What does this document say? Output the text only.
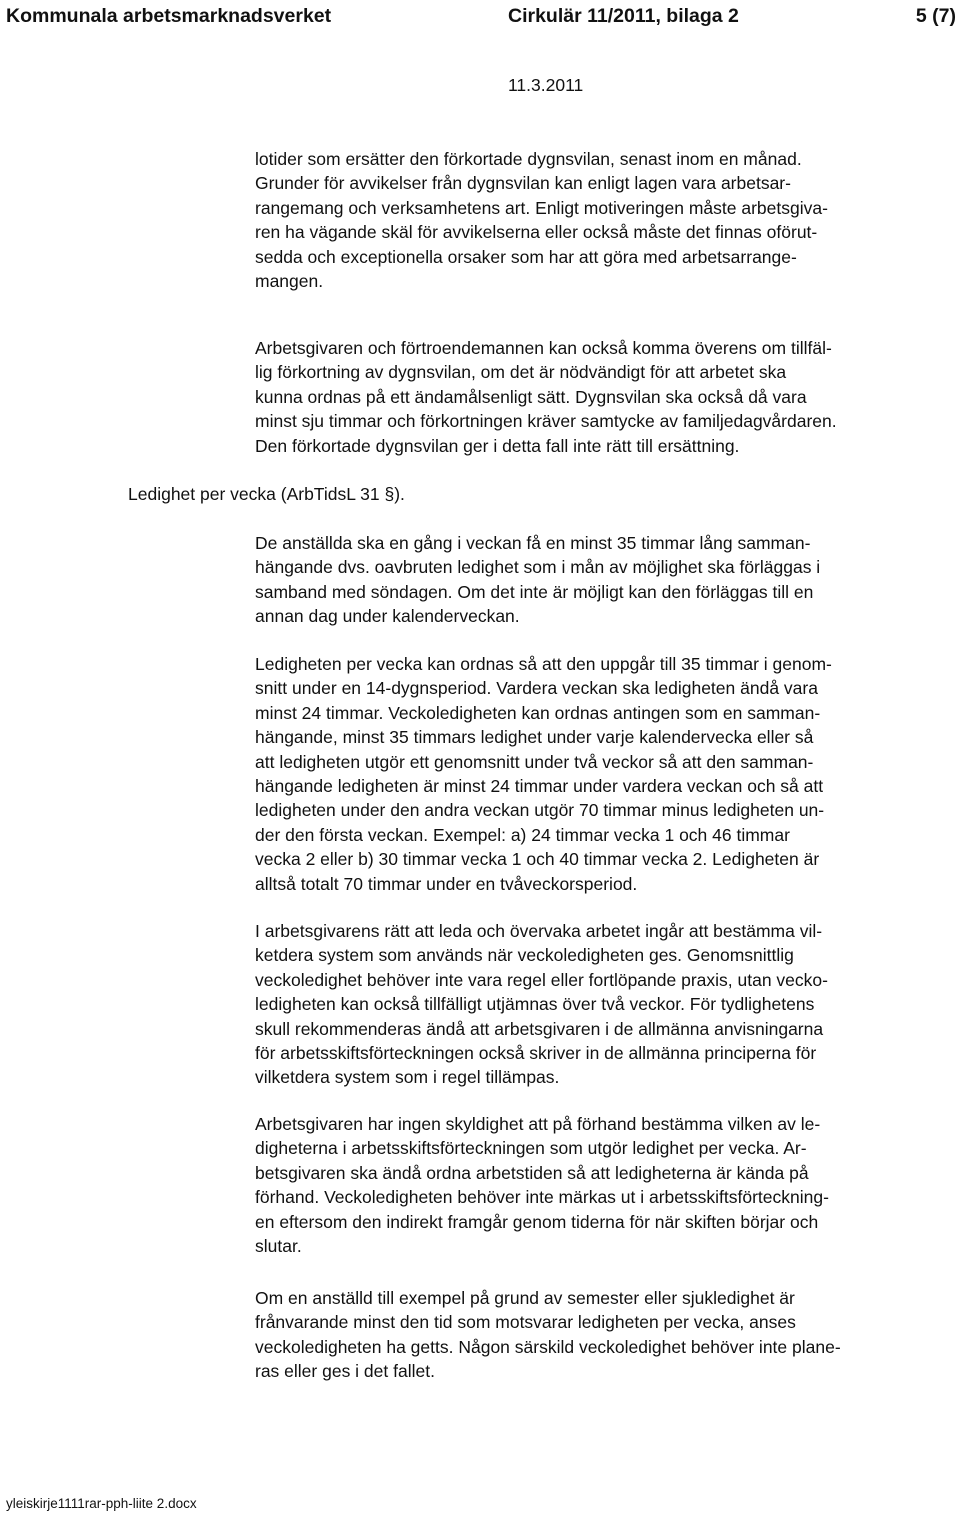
Kommunala arbetsmarknadsverket	Cirkulär 11/2011, bilaga 2	5 (7)
11.3.2011

lotider som ersätter den förkortade dygnsvilan, senast inom en månad.
Grunder för avvikelser från dygnsvilan kan enligt lagen vara arbetsar-
rangemang och verksamhetens art. Enligt motiveringen måste arbetsgiva-
ren ha vägande skäl för avvikelserna eller också måste det finnas oförut-
sedda och exceptionella orsaker som har att göra med arbetsarrange-
mangen.

Arbetsgivaren och förtroendemannen kan också komma överens om tillfäl-
lig förkortning av dygnsvilan, om det är nödvändigt för att arbetet ska
kunna ordnas på ett ändamålsenligt sätt. Dygnsvilan ska också då vara
minst sju timmar och förkortningen kräver samtycke av familjedagvårdaren.
Den förkortade dygnsvilan ger i detta fall inte rätt till ersättning.

Ledighet per vecka (ArbTidsL 31 §).

De anställda ska en gång i veckan få en minst 35 timmar lång samman-
hängande dvs. oavbruten ledighet som i mån av möjlighet ska förläggas i
samband med söndagen. Om det inte är möjligt kan den förläggas till en
annan dag under kalenderveckan.

Ledigheten per vecka kan ordnas så att den uppgår till 35 timmar i genom-
snitt under en 14-dygnsperiod. Vardera veckan ska ledigheten ändå vara
minst 24 timmar. Veckoledigheten kan ordnas antingen som en samman-
hängande, minst 35 timmars ledighet under varje kalendervecka eller så
att ledigheten utgör ett genomsnitt under två veckor så att den samman-
hängande ledigheten är minst 24 timmar under vardera veckan och så att
ledigheten under den andra veckan utgör 70 timmar minus ledigheten un-
der den första veckan. Exempel: a) 24 timmar vecka 1 och 46 timmar
vecka 2 eller b) 30 timmar vecka 1 och 40 timmar vecka 2. Ledigheten är
alltså totalt 70 timmar under en tvåveckorsperiod.

I arbetsgivarens rätt att leda och övervaka arbetet ingår att bestämma vil-
ketdera system som används när veckoledigheten ges. Genomsnittlig
veckoledighet behöver inte vara regel eller fortlöpande praxis, utan vecko-
ledigheten kan också tillfälligt utjämnas över två veckor. För tydlighetens
skull rekommenderas ändå att arbetsgivaren i de allmänna anvisningarna
för arbetsskiftsförteckningen också skriver in de allmänna principerna för
vilketdera system som i regel tillämpas.

Arbetsgivaren har ingen skyldighet att på förhand bestämma vilken av le-
digheterna i arbetsskiftsförteckningen som utgör ledighet per vecka. Ar-
betsgivaren ska ändå ordna arbetstiden så att ledigheterna är kända på
förhand. Veckoledigheten behöver inte märkas ut i arbetsskiftsförteckning-
en eftersom den indirekt framgår genom tiderna för när skiften börjar och
slutar.

Om en anställd till exempel på grund av semester eller sjukledighet är
frånvarande minst den tid som motsvarar ledigheten per vecka, anses
veckoledigheten ha getts. Någon särskild veckoledighet behöver inte plane-
ras eller ges i det fallet.

yleiskirje1111rar-pph-liite 2.docx
